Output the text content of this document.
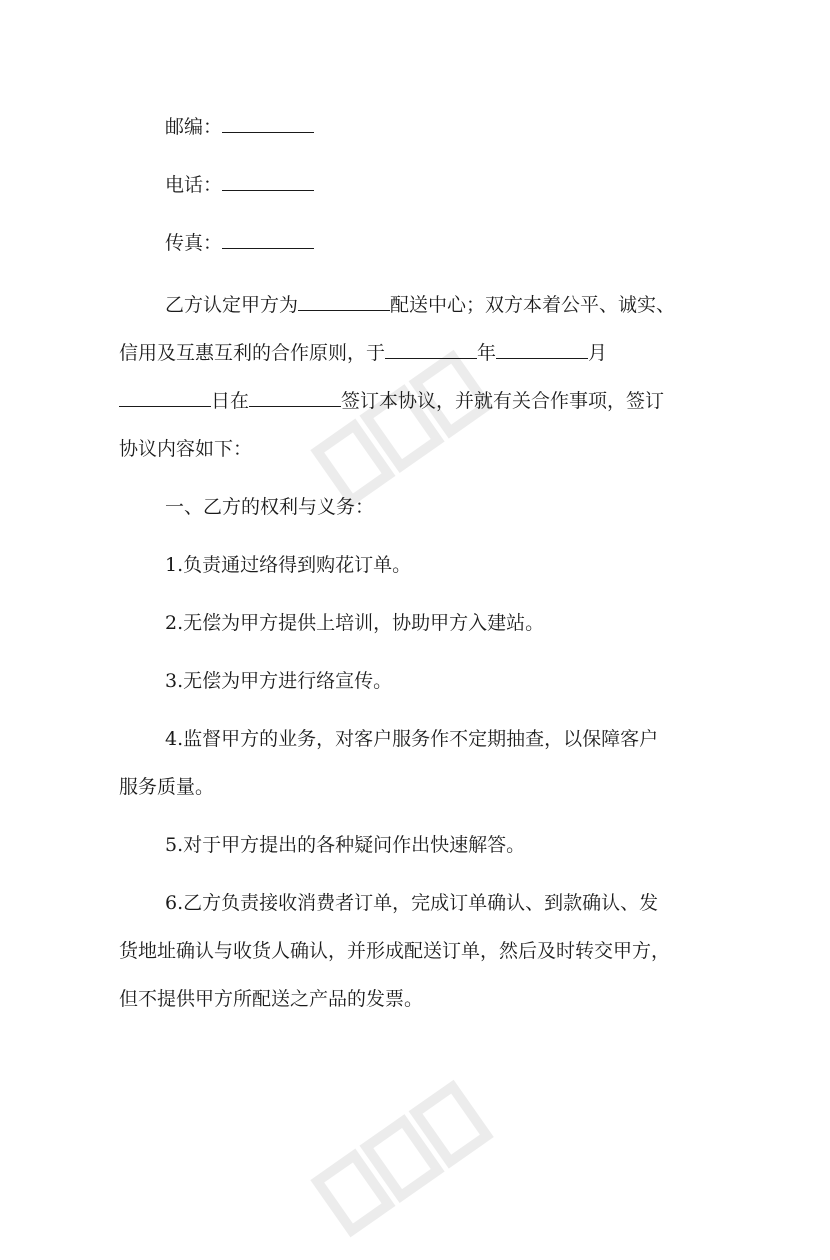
邮编：
电话：
传真：
乙方认定甲方为	配送中心；双方本着公平、诚实、
信用及互惠互利的合作原则，于	年	月
日在	签订本协议，并就有关合作事项，签订
协议内容如下：
一、乙方的权利与义务：
1.负责通过络得到购花订单。
2.无偿为甲方提供上培训，协助甲方入建站。
3.无偿为甲方进行络宣传。
4.监督甲方的业务，对客户服务作不定期抽查，以保障客户
服务质量。
5.对于甲方提出的各种疑问作出快速解答。
6.乙方负责接收消费者订单，完成订单确认、到款确认、发
货地址确认与收货人确认，并形成配送订单，然后及时转交甲方，
但不提供甲方所配送之产品的发票。
